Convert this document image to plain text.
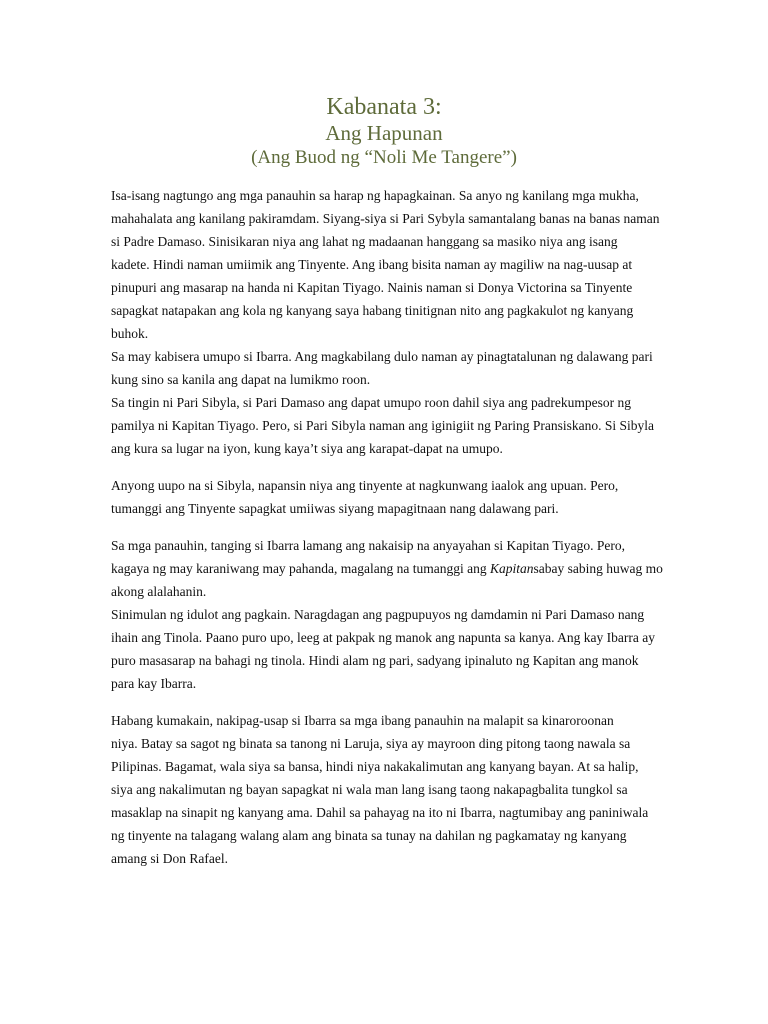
Kabanata 3:
Ang Hapunan
(Ang Buod ng “Noli Me Tangere”)
Isa-isang nagtungo ang mga panauhin sa harap ng hapagkainan. Sa anyo ng kanilang mga mukha,
mahahalata ang kanilang pakiramdam. Siyang-siya si Pari Sybyla samantalang banas na banas naman
si Padre Damaso. Sinisikaran niya ang lahat ng madaanan hanggang sa masiko niya ang isang
kadete. Hindi naman umiimik ang Tinyente. Ang ibang bisita naman ay magiliw na nag-uusap at
pinupuri ang masarap na handa ni Kapitan Tiyago. Nainis naman si Donya Victorina sa Tinyente
sapagkat natapakan ang kola ng kanyang saya habang tinitignan nito ang pagkakulot ng kanyang
buhok.
Sa may kabisera umupo si Ibarra. Ang magkabilang dulo naman ay pinagtatalunan ng dalawang pari
kung sino sa kanila ang dapat na lumikmo roon.
Sa tingin ni Pari Sibyla, si Pari Damaso ang dapat umupo roon dahil siya ang padrekumpesor ng
pamilya ni Kapitan Tiyago. Pero, si Pari Sibyla naman ang iginigiit ng Paring Pransiskano. Si Sibyla
ang kura sa lugar na iyon, kung kaya’t siya ang karapat-dapat na umupo.
Anyong uupo na si Sibyla, napansin niya ang tinyente at nagkunwang iaalok ang upuan. Pero,
tumanggi ang Tinyente sapagkat umiiwas siyang mapagitnaan nang dalawang pari.
Sa mga panauhin, tanging si Ibarra lamang ang nakaisip na anyayahan si Kapitan Tiyago. Pero,
kagaya ng may karaniwang may pahanda, magalang na tumanggi ang Kapitansabay sabing huwag mo
akong alalahanin.
Sinimulan ng idulot ang pagkain. Naragdagan ang pagpupuyos ng damdamin ni Pari Damaso nang
ihain ang Tinola. Paano puro upo, leeg at pakpak ng manok ang napunta sa kanya. Ang kay Ibarra ay
puro masasarap na bahagi ng tinola. Hindi alam ng pari, sadyang ipinaluto ng Kapitan ang manok
para kay Ibarra.
Habang kumakain, nakipag-usap si Ibarra sa mga ibang panauhin na malapit sa kinaroroonan
niya. Batay sa sagot ng binata sa tanong ni Laruja, siya ay mayroon ding pitong taong nawala sa
Pilipinas. Bagamat, wala siya sa bansa, hindi niya nakakalimutan ang kanyang bayan. At sa halip,
siya ang nakalimutan ng bayan sapagkat ni wala man lang isang taong nakapagbalita tungkol sa
masaklap na sinapit ng kanyang ama. Dahil sa pahayag na ito ni Ibarra, nagtumibay ang paniniwala
ng tinyente na talagang walang alam ang binata sa tunay na dahilan ng pagkamatay ng kanyang
amang si Don Rafael.
